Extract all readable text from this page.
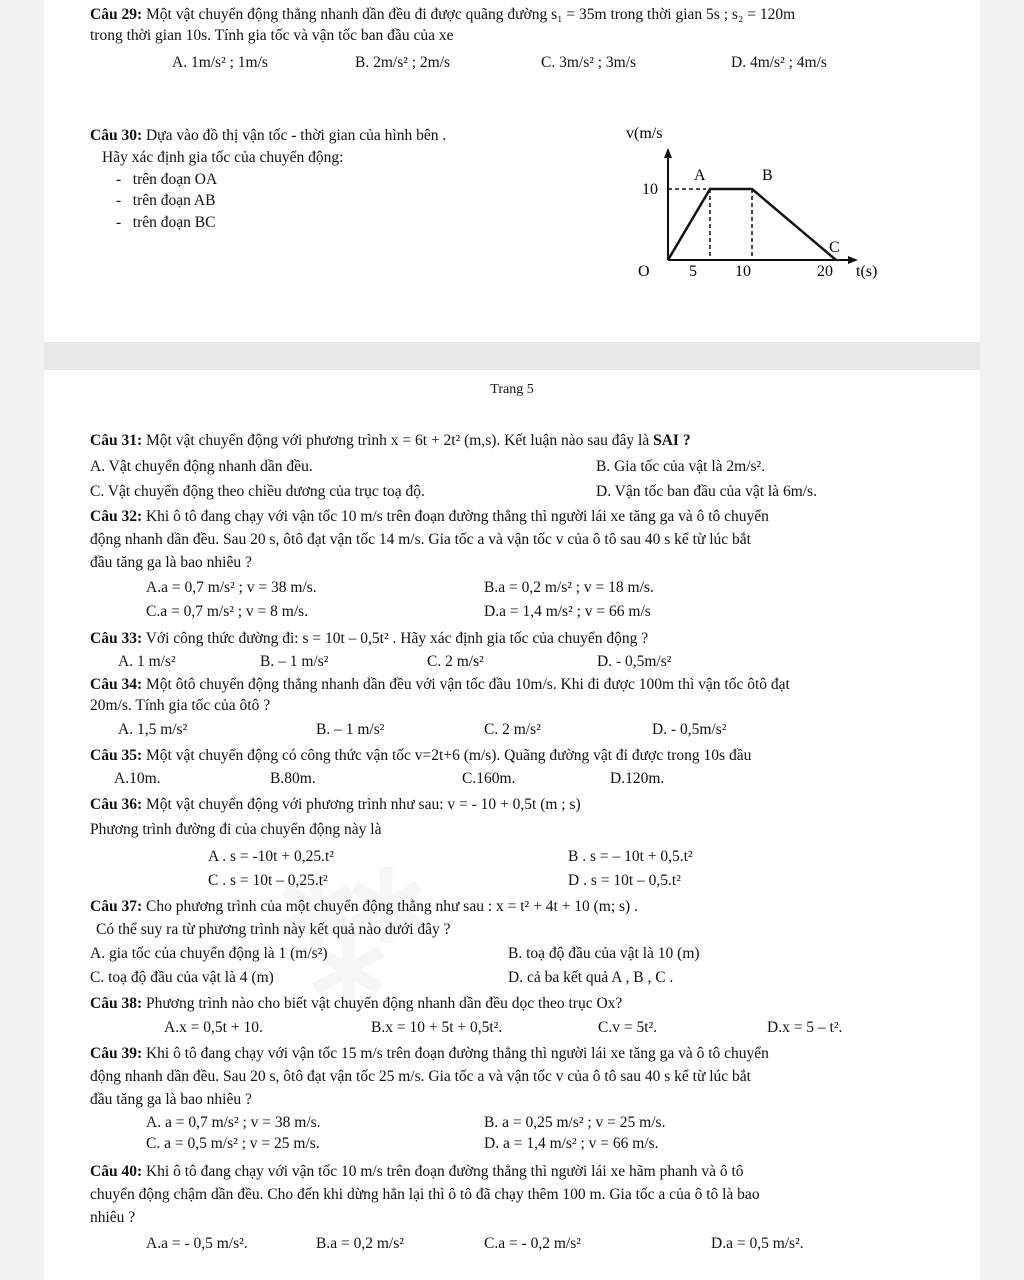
Câu 29: Một vật chuyển động thẳng nhanh dần đều đi được quãng đường s₁ = 35m trong thời gian 5s ; s₂ = 120m
trong thời gian 10s. Tính gia tốc và vận tốc ban đầu của xe
A. 1m/s² ; 1m/s	B. 2m/s² ; 2m/s	C. 3m/s² ; 3m/s	D. 4m/s² ; 4m/s
Câu 30: Dựa vào đồ thị vận tốc - thời gian của hình bên .
Hãy xác định gia tốc của chuyển động:
-   trên đoạn OA
-   trên đoạn AB
-   trên đoạn BC
v(m/s
t(s)
O
10
5 10	20
A	B
C
Trang 5
Câu 31: Một vật chuyển động với phương trình x = 6t + 2t² (m,s). Kết luận nào sau đây là SAI ?
A. Vật chuyển động nhanh dần đều.	B. Gia tốc của vật là 2m/s².
C. Vật chuyển động theo chiều dương của trục toạ độ.	D. Vận tốc ban đầu của vật là 6m/s.
Câu 32: Khi ô tô đang chạy với vận tốc 10 m/s trên đoạn đường thẳng thì người lái xe tăng ga và ô tô chuyển
động nhanh dần đều. Sau 20 s, ôtô đạt vận tốc 14 m/s. Gia tốc a và vận tốc v của ô tô sau 40 s kể từ lúc bắt
đầu tăng ga là bao nhiêu ?
A.a = 0,7 m/s² ; v = 38 m/s.	B.a = 0,2 m/s² ; v = 18 m/s.
C.a = 0,7 m/s² ; v = 8 m/s.	D.a = 1,4 m/s² ; v = 66 m/s
Câu 33: Với công thức đường đi: s = 10t – 0,5t² . Hãy xác định gia tốc của chuyển động ?
A. 1 m/s²	B. – 1 m/s²	C. 2 m/s²	D. - 0,5m/s²
Câu 34: Một ôtô chuyển động thẳng nhanh dần đều với vận tốc đầu 10m/s. Khi đi được 100m thì vận tốc ôtô đạt
20m/s. Tính gia tốc của ôtô ?
A. 1,5 m/s²	B. – 1 m/s²	C. 2 m/s²	D. - 0,5m/s²
Câu 35: Một vật chuyển động có công thức vận tốc v=2t+6 (m/s). Quãng đường vật đi được trong 10s đầu
A.10m.	B.80m.	C.160m.	D.120m.
Câu 36: Một vật chuyển động với phương trình như sau: v = - 10 + 0,5t (m ; s)
Phương trình đường đi của chuyển động này là
A . s = -10t + 0,25.t²	B . s = – 10t + 0,5.t²
C . s = 10t – 0,25.t²	D . s = 10t – 0,5.t²
Câu 37: Cho phương trình của một chuyển động thẳng như sau : x = t² + 4t + 10 (m; s) .
Có thể suy ra từ phương trình này kết quả nào dưới đây ?
A. gia tốc của chuyển động là 1 (m/s²)	B. toạ độ đầu của vật là 10 (m)
C. toạ độ đầu của vật là 4 (m)	D. cả ba kết quả A , B , C .
Câu 38: Phương trình nào cho biết vật chuyển động nhanh dần đều dọc theo trục Ox?
A.x = 0,5t + 10.	B.x = 10 + 5t + 0,5t².	C.v = 5t².	D.x = 5 – t².
Câu 39: Khi ô tô đang chạy với vận tốc 15 m/s trên đoạn đường thẳng thì người lái xe tăng ga và ô tô chuyển
động nhanh dần đều. Sau 20 s, ôtô đạt vận tốc 25 m/s. Gia tốc a và vận tốc v của ô tô sau 40 s kể từ lúc bắt
đầu tăng ga là bao nhiêu ?
A. a = 0,7 m/s² ; v = 38 m/s.	B. a = 0,25 m/s² ; v = 25 m/s.
C. a = 0,5 m/s² ; v = 25 m/s.	D. a = 1,4 m/s² ; v = 66 m/s.
Câu 40: Khi ô tô đang chạy với vận tốc 10 m/s trên đoạn đường thẳng thì người lái xe hãm phanh và ô tô
chuyển động chậm dần đều. Cho đến khi dừng hẳn lại thì ô tô đã chạy thêm 100 m. Gia tốc a của ô tô là bao
nhiêu ?
A.a = - 0,5 m/s².	B.a = 0,2 m/s²	C.a = - 0,2 m/s²	D.a = 0,5 m/s².
